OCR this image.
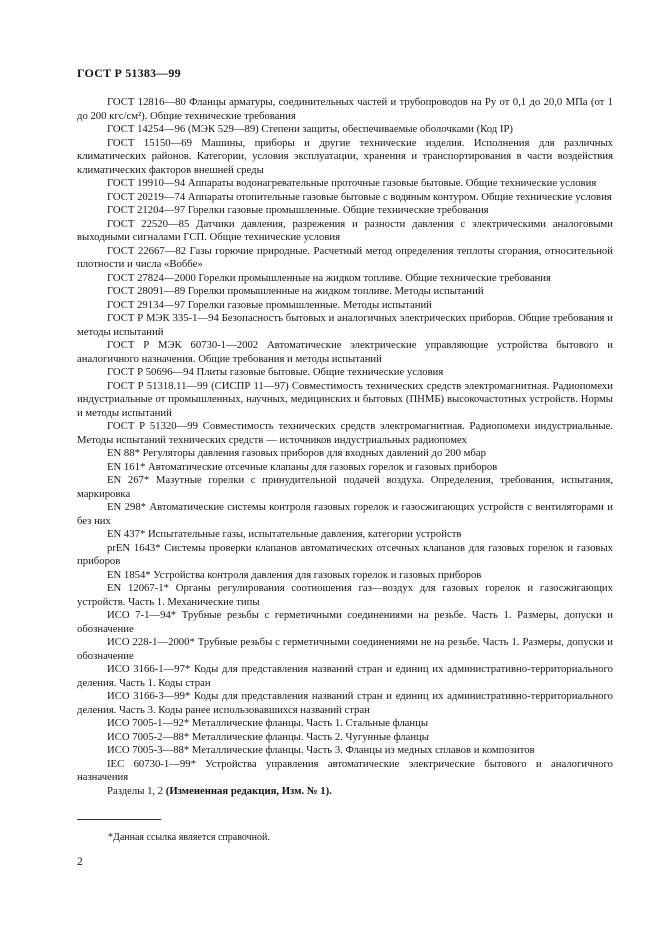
ГОСТ Р 51383—99

ГОСТ 12816—80 Фланцы арматуры, соединительных частей и трубопроводов на Py от 0,1 до 20,0 МПа (от 1 до 200 кгс/см²). Общие технические требования

ГОСТ 14254—96 (МЭК 529—89) Степени защиты, обеспечиваемые оболочками (Код IP)

ГОСТ 15150—69 Машины, приборы и другие технические изделия. Исполнения для различных климатических районов. Категории, условия эксплуатации, хранения и транспортирования в части воздействия климатических факторов внешней среды

ГОСТ 19910—94 Аппараты водонагревательные проточные газовые бытовые. Общие технические условия

ГОСТ 20219—74 Аппараты отопительные газовые бытовые с водяным контуром. Общие технические условия

ГОСТ 21204—97 Горелки газовые промышленные. Общие технические требования

ГОСТ 22520—85 Датчики давления, разрежения и разности давления с электрическими аналоговыми выходными сигналами ГСП. Общие технические условия

ГОСТ 22667—82 Газы горючие природные. Расчетный метод определения теплоты сгорания, относительной плотности и числа «Воббе»

ГОСТ 27824—2000 Горелки промышленные на жидком топливе. Общие технические требования

ГОСТ 28091—89 Горелки промышленные на жидком топливе. Методы испытаний

ГОСТ 29134—97 Горелки газовые промышленные. Методы испытаний

ГОСТ Р МЭК 335-1—94 Безопасность бытовых и аналогичных электрических приборов. Общие требования и методы испытаний

ГОСТ Р МЭК 60730-1—2002 Автоматические электрические управляющие устройства бытового и аналогичного назначения. Общие требования и методы испытаний

ГОСТ Р 50696—94 Плиты газовые бытовые. Общие технические условия

ГОСТ Р 51318.11—99 (СИСПР 11—97) Совместимость технических средств электромагнитная. Радиопомехи индустриальные от промышленных, научных, медицинских и бытовых (ПНМБ) высокочастотных устройств. Нормы и методы испытаний

ГОСТ Р 51320—99 Совместимость технических средств электромагнитная. Радиопомехи индустриальные. Методы испытаний технических средств — источников индустриальных радиопомех

EN 88* Регуляторы давления газовых приборов для входных давлений до 200 мбар

EN 161* Автоматические отсечные клапаны для газовых горелок и газовых приборов

EN 267* Мазутные горелки с принудительной подачей воздуха. Определения, требования, испытания, маркировка

EN 298* Автоматические системы контроля газовых горелок и газосжигающих устройств с вентиляторами и без них

EN 437* Испытательные газы, испытательные давления, категории устройств

prEN 1643* Системы проверки клапанов автоматических отсечных клапанов для газовых горелок и газовых приборов

EN 1854* Устройства контроля давления для газовых горелок и газовых приборов

EN 12067-1* Органы регулирования соотношения газ—воздух для газовых горелок и газосжигающих устройств. Часть 1. Механические типы

ИСО 7-1—94* Трубные резьбы с герметичными соединениями на резьбе. Часть 1. Размеры, допуски и обозначение

ИСО 228-1—2000* Трубные резьбы с герметичными соединениями не на резьбе. Часть 1. Размеры, допуски и обозначение

ИСО 3166-1—97* Коды для представления названий стран и единиц их административно-территориального деления. Часть 1. Коды стран

ИСО 3166-3—99* Коды для представления названий стран и единиц их административно-территориального деления. Часть 3. Коды ранее использовавшихся названий стран

ИСО 7005-1—92* Металлические фланцы. Часть 1. Стальные фланцы

ИСО 7005-2—88* Металлические фланцы. Часть 2. Чугунные фланцы

ИСО 7005-3—88* Металлические фланцы. Часть 3. Фланцы из медных сплавов и композитов

IEC 60730-1—99* Устройства управления автоматические электрические бытового и аналогичного назначения

Разделы 1, 2 (Измененная редакция, Изм. № 1).

*Данная ссылка является справочной.
2
